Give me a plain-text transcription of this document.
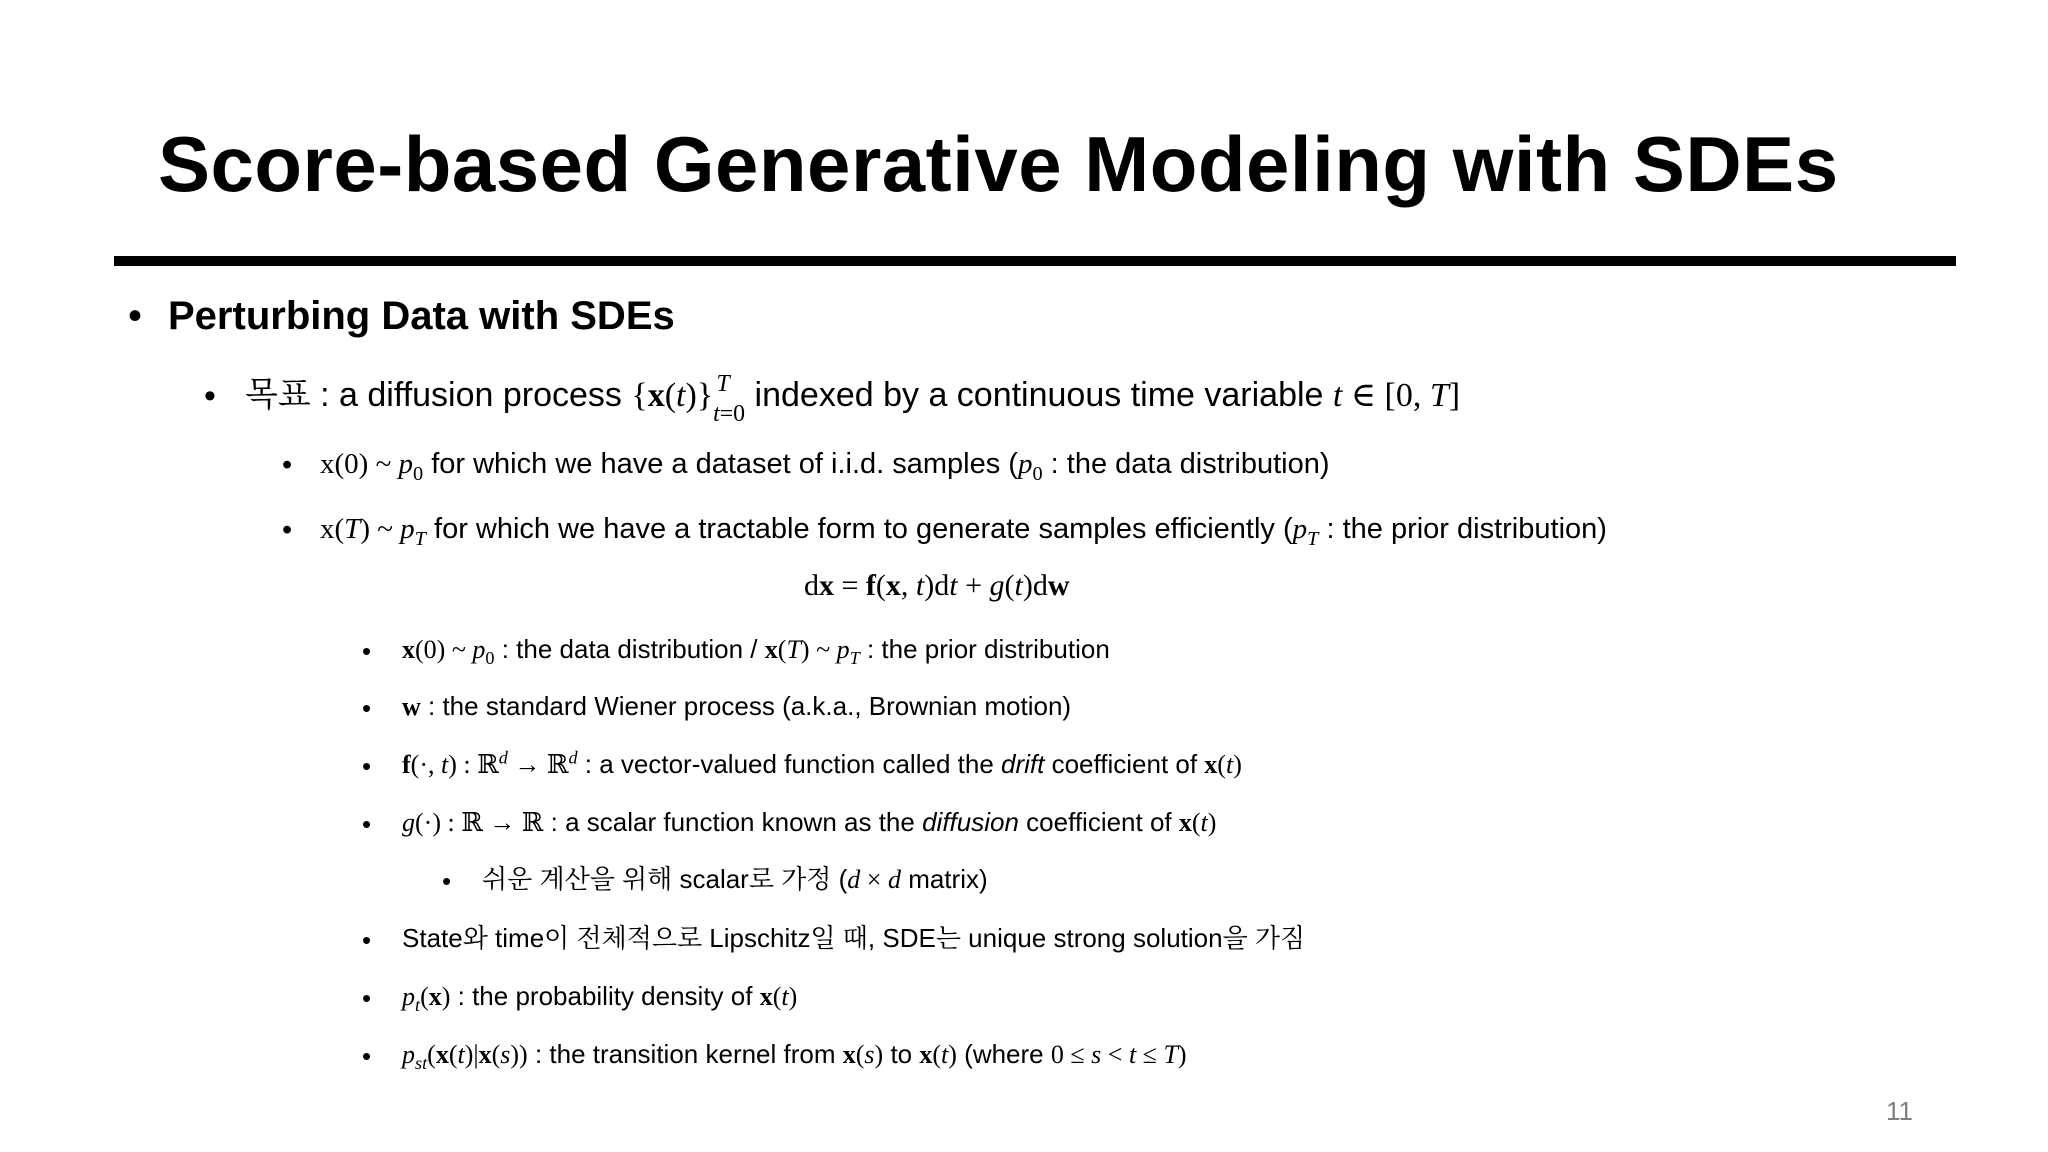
Score-based Generative Modeling with SDEs
• Perturbing Data with SDEs
• 목표 : a diffusion process $\{x(t)\}_{t=0}^T$ indexed by a continuous time variable t ∈ [0, T]
• x(0) ~ $p_0$ for which we have a dataset of i.i.d. samples ($p_0$ : the data distribution)
• x(T) ~ $p_T$ for which we have a tractable form to generate samples efficiently ($p_T$ : the prior distribution)
dx = f(x, t)dt + g(t)dw
• x(0) ~ $p_0$ : the data distribution / x(T) ~ $p_T$ : the prior distribution
• w : the standard Wiener process (a.k.a., Brownian motion)
• f(·, t) : ℝ$^d$ → ℝ$^d$ : a vector-valued function called the drift coefficient of x(t)
• g(·) : ℝ → ℝ : a scalar function known as the diffusion coefficient of x(t)
• 쉬운 계산을 위해 scalar로 가정 (d × d matrix)
• State와 time이 전체적으로 Lipschitz일 때, SDE는 unique strong solution을 가짐
• $p_t(x)$ : the probability density of x(t)
• $p_{st}(x(t)|x(s))$ : the transition kernel from x(s) to x(t) (where 0 ≤ s < t ≤ T)
11
